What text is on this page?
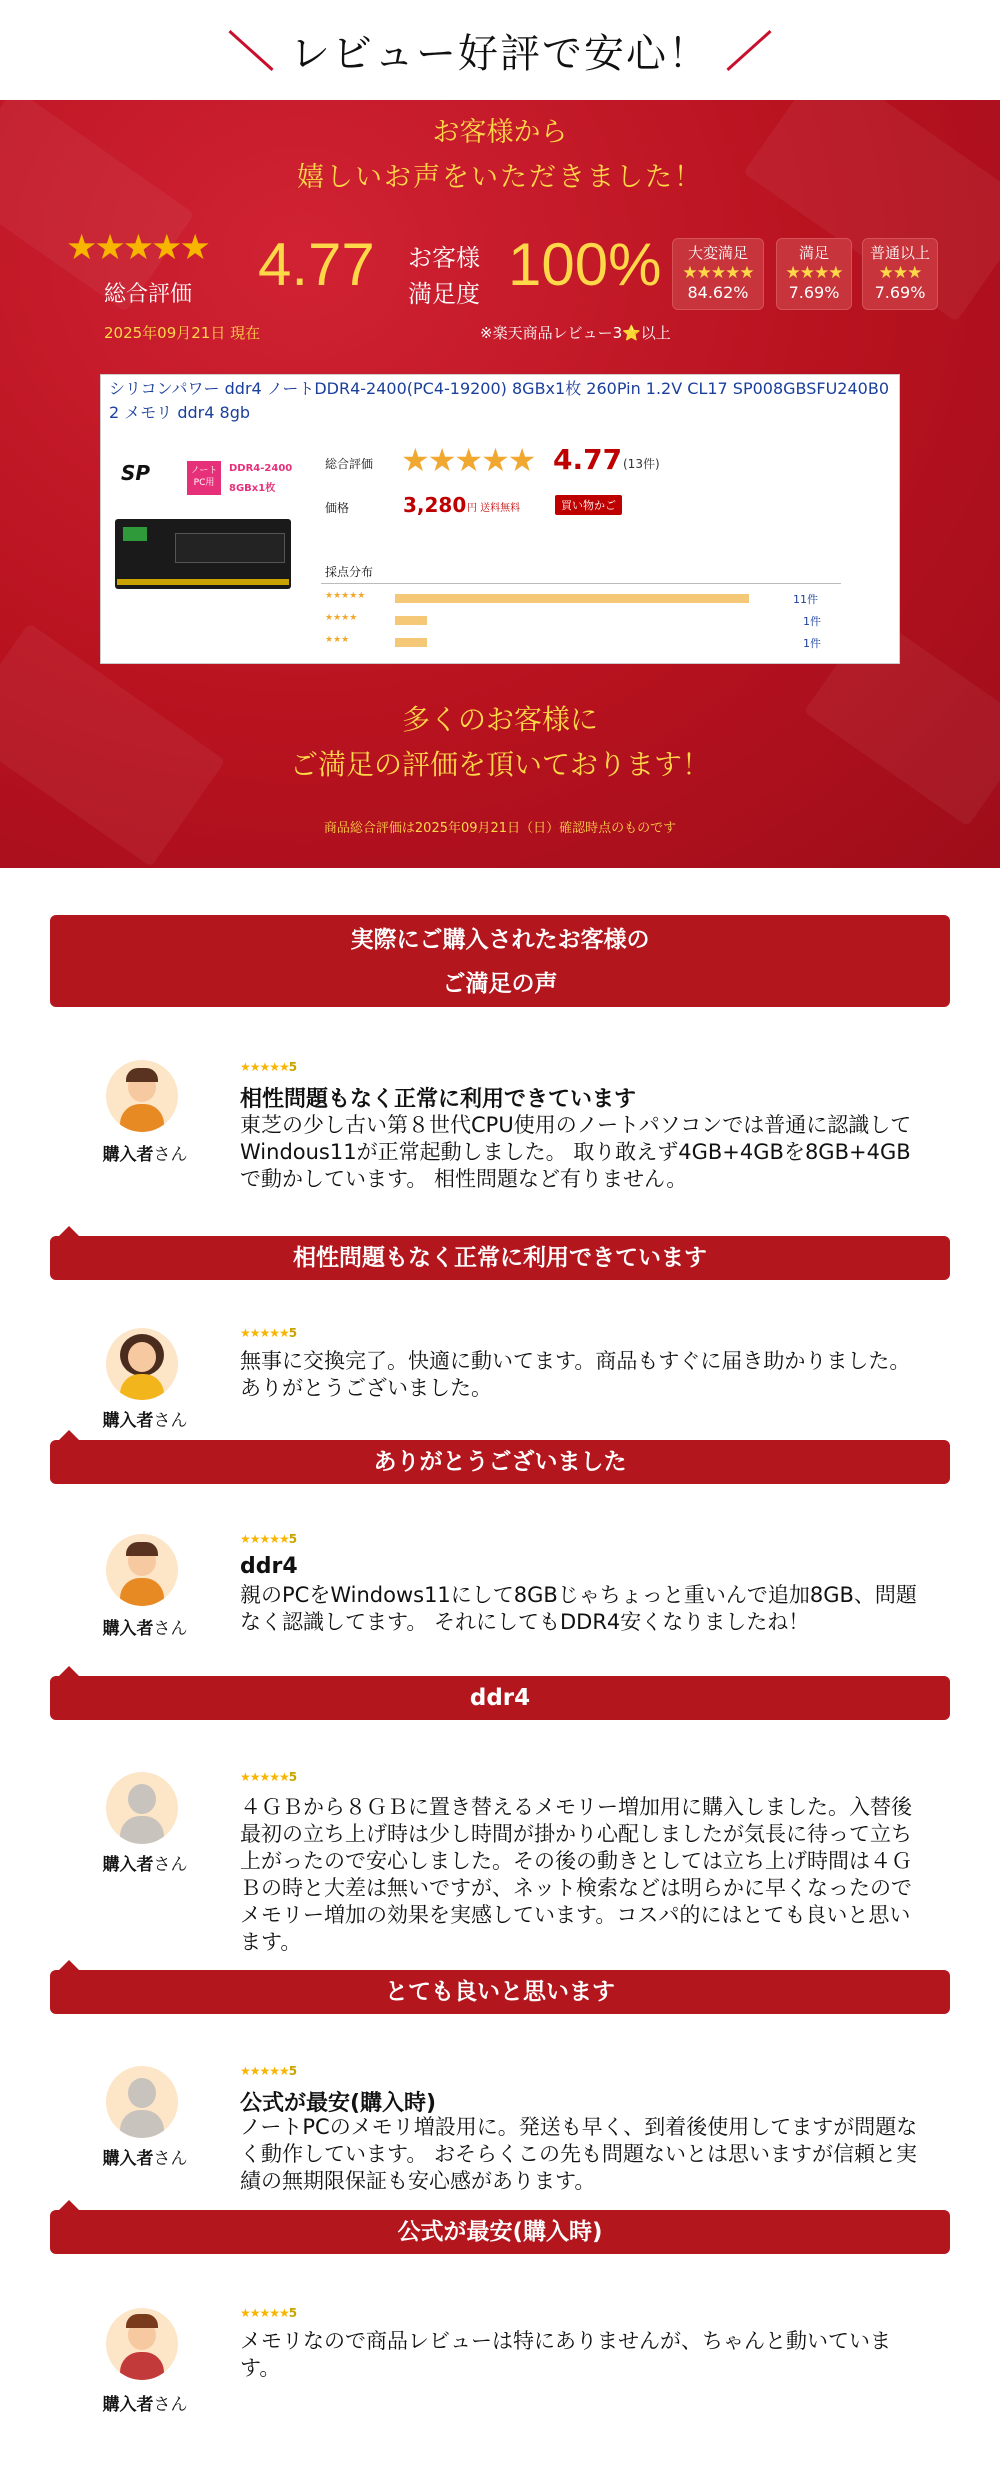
レビュー好評で安心！
お客様から
嬉しいお声をいただきました！
★★★★★
総合評価 4.77
2025年09月21日 現在
お客様
満足度 100%	大変満足
★★★★★
84.62%
満足
★★★★
7.69%
普通以上
★★★
7.69%
※楽天商品レビュー3⭐以上
多くのお客様に
ご満足の評価を頂いております！
商品総合評価は2025年09月21日（日）確認時点のものです
シリコンパワー ddr4 ノートDDR4-2400(PC4-19200) 8GBx1枚 260Pin 1.2V CL17 SP008GBSFU240B02 メモリ ddr4 8gb
SP	ノート PC用
DDR4-2400
8GBx1枚
総合評価 ★★★★★ 4.77 (13件)
価格	3,280 円 送料無料	買い物かご
採点分布
★★★★★	11件
★★★★	1件
★★★	1件
実際にご購入されたお客様の
ご満足の声
購入者さん
★★★★★5
相性問題もなく正常に利用できています
東芝の少し古い第８世代CPU使用のノートパソコンでは普通に認識してWindous11が正常起動しました。 取り敢えず4GB+4GBを8GB+4GBで動かしています。 相性問題など有りません。
相性問題もなく正常に利用できています
購入者さん
★★★★★5
無事に交換完了。快適に動いてます。商品もすぐに届き助かりました。ありがとうございました。
ありがとうございました
購入者さん
★★★★★5
ddr4
親のPCをWindows11にして8GBじゃちょっと重いんで追加8GB、問題なく認識してます。 それにしてもDDR4安くなりましたね！
ddr4
購入者さん
★★★★★5
４ＧＢから８ＧＢに置き替えるメモリー増加用に購入しました。入替後最初の立ち上げ時は少し時間が掛かり心配しましたが気長に待って立ち上がったので安心しました。その後の動きとしては立ち上げ時間は４ＧＢの時と大差は無いですが、ネット検索などは明らかに早くなったのでメモリー増加の効果を実感しています。コスパ的にはとても良いと思います。
とても良いと思います
購入者さん
★★★★★5
公式が最安(購入時)
ノートPCのメモリ増設用に。発送も早く、到着後使用してますが問題なく動作しています。 おそらくこの先も問題ないとは思いますが信頼と実績の無期限保証も安心感があります。
公式が最安(購入時)
購入者さん
★★★★★5
メモリなので商品レビューは特にありませんが、ちゃんと動いています。
